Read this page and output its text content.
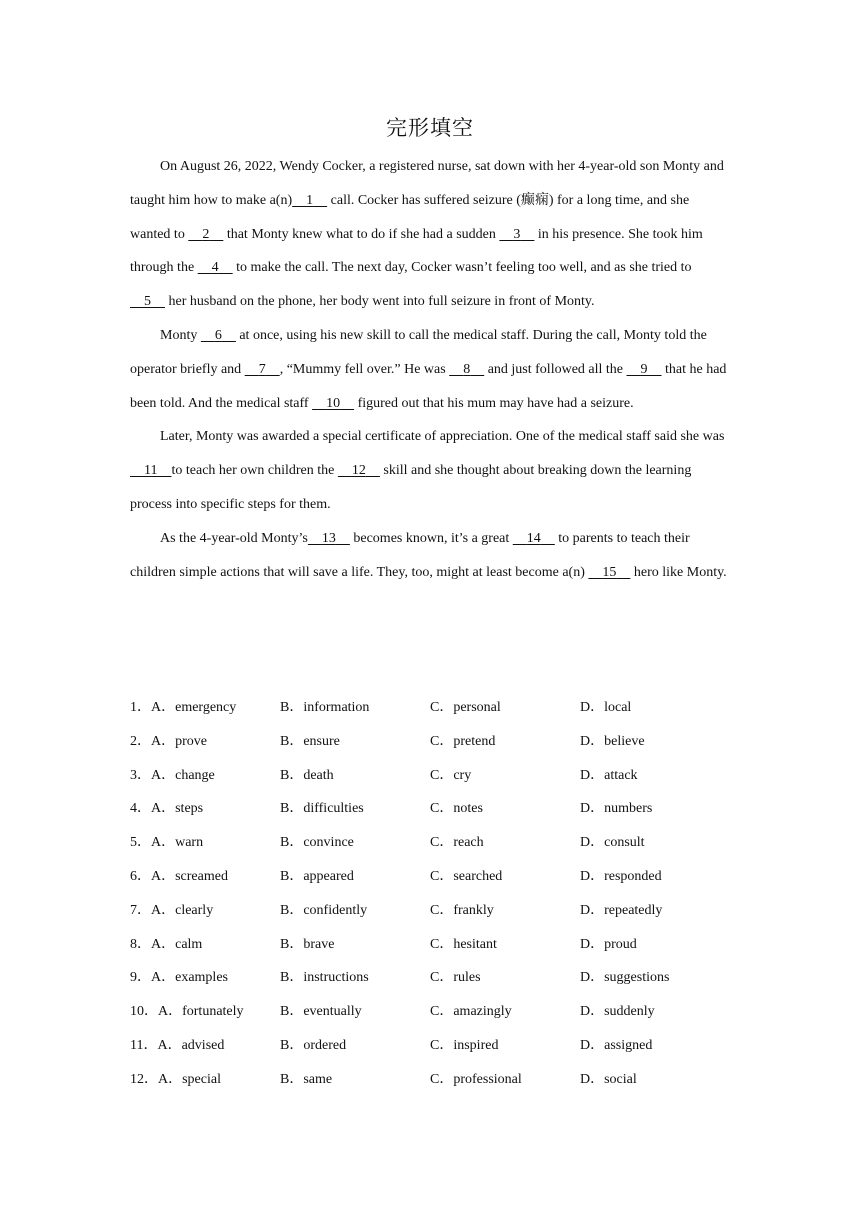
完形填空

On August 26, 2022, Wendy Cocker, a registered nurse, sat down with her 4-year-old son Monty and taught him how to make a(n) 1     call. Cocker has suffered seizure (癫痫) for a long time, and she wanted to     2     that Monty knew what to do if she had a sudden     3     in his presence. She took him through the     4     to make the call. The next day, Cocker wasn’t feeling too well, and as she tried to     5     her husband on the phone, her body went into full seizure in front of Monty.

Monty     6     at once, using his new skill to call the medical staff. During the call, Monty told the operator briefly and     7 , “Mummy fell over.” He was     8     and just followed all the     9     that he had been told. And the medical staff     10     figured out that his mum may have had a seizure.

Later, Monty was awarded a special certificate of appreciation. One of the medical staff said she was     11 to teach her own children the     12     skill and she thought about breaking down the learning process into specific steps for them.

As the 4-year-old Monty’s 13     becomes known, it’s a great     14     to parents to teach their children simple actions that will save a life. They, too, might at least become a(n)     15     hero like Monty.

1．A．emergency	B．information	C．personal	D．local
2．A．prove	B．ensure	C．pretend	D．believe
3．A．change	B．death	C．cry	D．attack
4．A．steps	B．difficulties	C．notes	D．numbers
5．A．warn	B．convince	C．reach	D．consult
6．A．screamed	B．appeared	C．searched	D．responded
7．A．clearly	B．confidently	C．frankly	D．repeatedly
8．A．calm	B．brave	C．hesitant	D．proud
9．A．examples	B．instructions	C．rules	D．suggestions
10．A．fortunately	B．eventually	C．amazingly	D．suddenly
11．A．advised	B．ordered	C．inspired	D．assigned
12．A．special	B．same	C．professional	D．social
